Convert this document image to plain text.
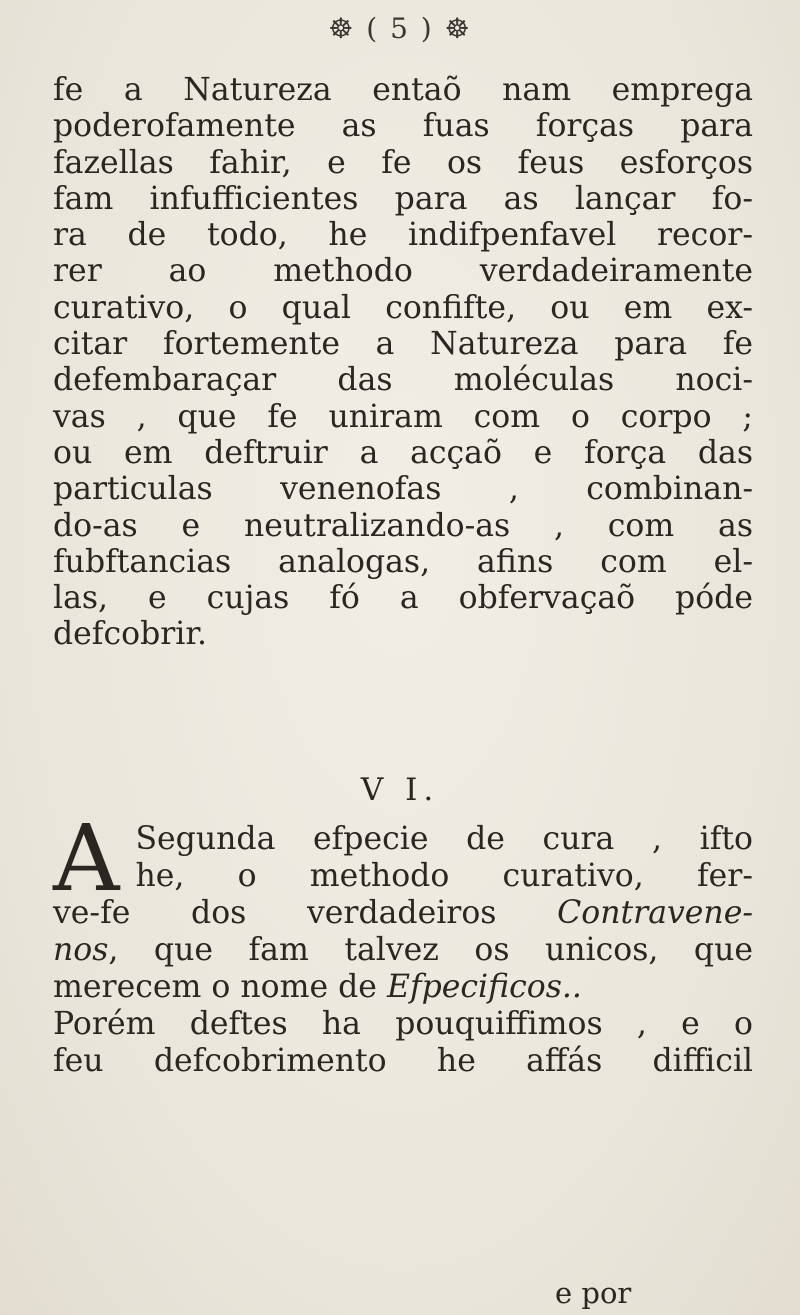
☸ ( 5 ) ☸
fe a Natureza entaõ nam emprega
poderofamente as fuas forças para
fazellas fahir, e fe os feus esforços
fam infufficientes para as lançar fo-
ra de todo, he indifpenfavel recor-
rer ao methodo verdadeiramente
curativo, o qual confifte, ou em ex-
citar fortemente a Natureza para fe
defembaraçar das moléculas noci-
vas , que fe uniram com o corpo ;
ou em deftruir a acçaõ e força das
particulas venenofas , combinan-
do-as e neutralizando-as , com as
fubftancias analogas, afins com el-
las, e cujas fó a obfervaçaõ póde
defcobrir.
V I.
A Segunda efpecie de cura , ifto
he, o methodo curativo, fer-
ve-fe dos verdadeiros Contravene-
nos, que fam talvez os unicos, que
merecem o nome de Efpecificos..
Porém deftes ha pouquiffimos , e o
feu defcobrimento he affás difficil
e por
